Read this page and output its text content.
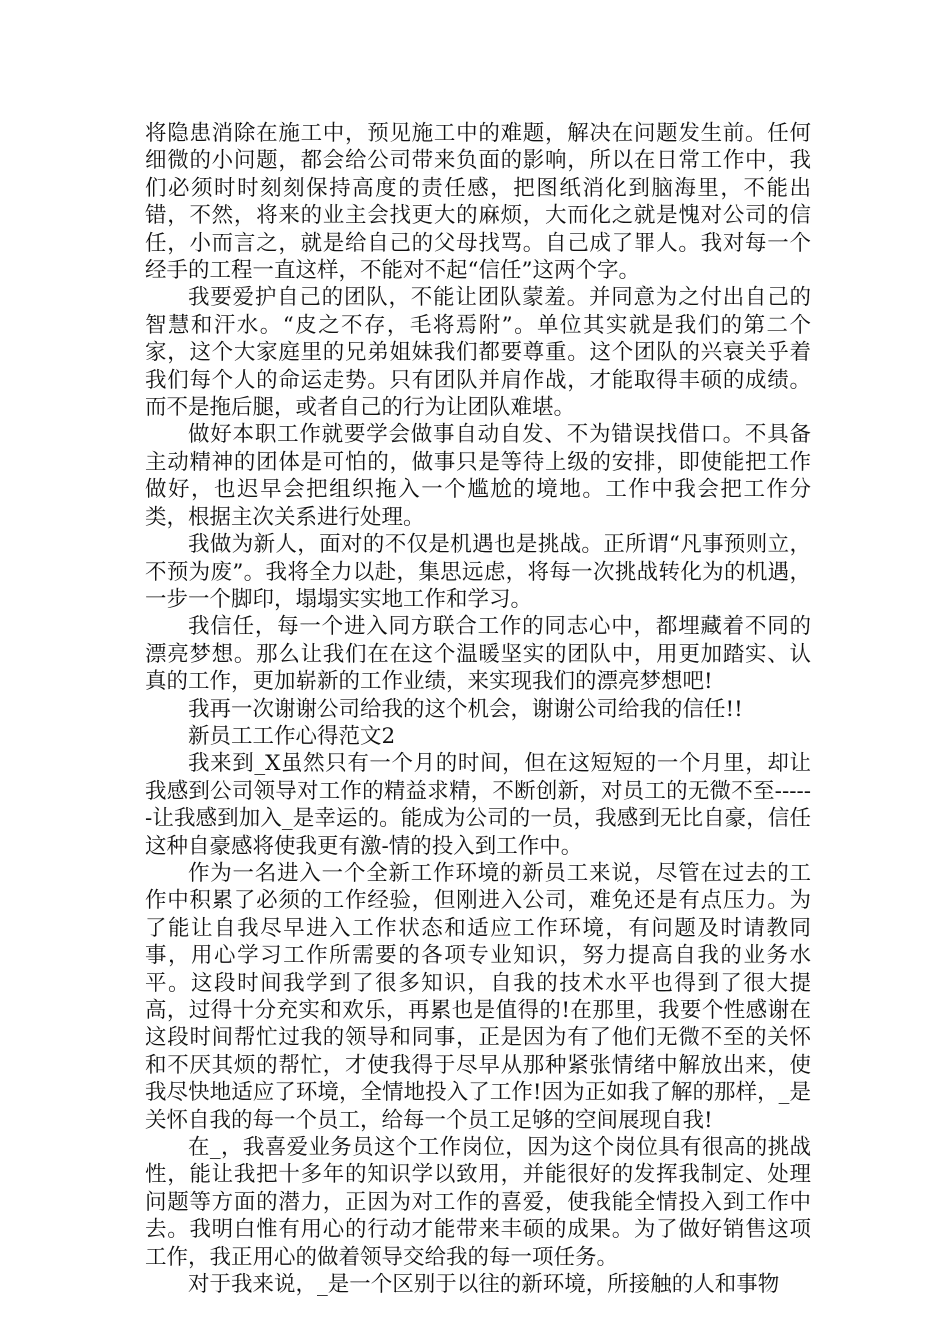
将隐患消除在施工中，预见施工中的难题，解决在问题发生前。任何细微的小问题，都会给公司带来负面的影响，所以在日常工作中，我们必须时时刻刻保持高度的责任感，把图纸消化到脑海里，不能出错，不然，将来的业主会找更大的麻烦，大而化之就是愧对公司的信任，小而言之，就是给自己的父母找骂。自己成了罪人。我对每一个经手的工程一直这样，不能对不起“信任”这两个字。

我要爱护自己的团队，不能让团队蒙羞。并同意为之付出自己的智慧和汗水。“皮之不存，毛将焉附”。单位其实就是我们的第二个家，这个大家庭里的兄弟姐妹我们都要尊重。这个团队的兴衰关乎着我们每个人的命运走势。只有团队并肩作战，才能取得丰硕的成绩。而不是拖后腿，或者自己的行为让团队难堪。

做好本职工作就要学会做事自动自发、不为错误找借口。不具备主动精神的团体是可怕的，做事只是等待上级的安排，即使能把工作做好，也迟早会把组织拖入一个尴尬的境地。工作中我会把工作分类，根据主次关系进行处理。

我做为新人，面对的不仅是机遇也是挑战。正所谓“凡事预则立，不预为废”。我将全力以赴，集思远虑，将每一次挑战转化为的机遇，一步一个脚印，塌塌实实地工作和学习。

我信任，每一个进入同方联合工作的同志心中，都埋藏着不同的漂亮梦想。那么让我们在在这个温暖坚实的团队中，用更加踏实、认真的工作，更加崭新的工作业绩，来实现我们的漂亮梦想吧!

我再一次谢谢公司给我的这个机会，谢谢公司给我的信任!!

新员工工作心得范文2

我来到_X虽然只有一个月的时间，但在这短短的一个月里，却让我感到公司领导对工作的精益求精，不断创新，对员工的无微不至------让我感到加入_是幸运的。能成为公司的一员，我感到无比自豪，信任这种自豪感将使我更有激-情的投入到工作中。

作为一名进入一个全新工作环境的新员工来说，尽管在过去的工作中积累了必须的工作经验，但刚进入公司，难免还是有点压力。为了能让自我尽早进入工作状态和适应工作环境，有问题及时请教同事，用心学习工作所需要的各项专业知识，努力提高自我的业务水平。这段时间我学到了很多知识，自我的技术水平也得到了很大提高，过得十分充实和欢乐，再累也是值得的!在那里，我要个性感谢在这段时间帮忙过我的领导和同事，正是因为有了他们无微不至的关怀和不厌其烦的帮忙，才使我得于尽早从那种紧张情绪中解放出来，使我尽快地适应了环境，全情地投入了工作!因为正如我了解的那样，_是关怀自我的每一个员工，给每一个员工足够的空间展现自我!

在_，我喜爱业务员这个工作岗位，因为这个岗位具有很高的挑战性，能让我把十多年的知识学以致用，并能很好的发挥我制定、处理问题等方面的潜力，正因为对工作的喜爱，使我能全情投入到工作中去。我明白惟有用心的行动才能带来丰硕的成果。为了做好销售这项工作，我正用心的做着领导交给我的每一项任务。

对于我来说，_是一个区别于以往的新环境，所接触的人和事物
